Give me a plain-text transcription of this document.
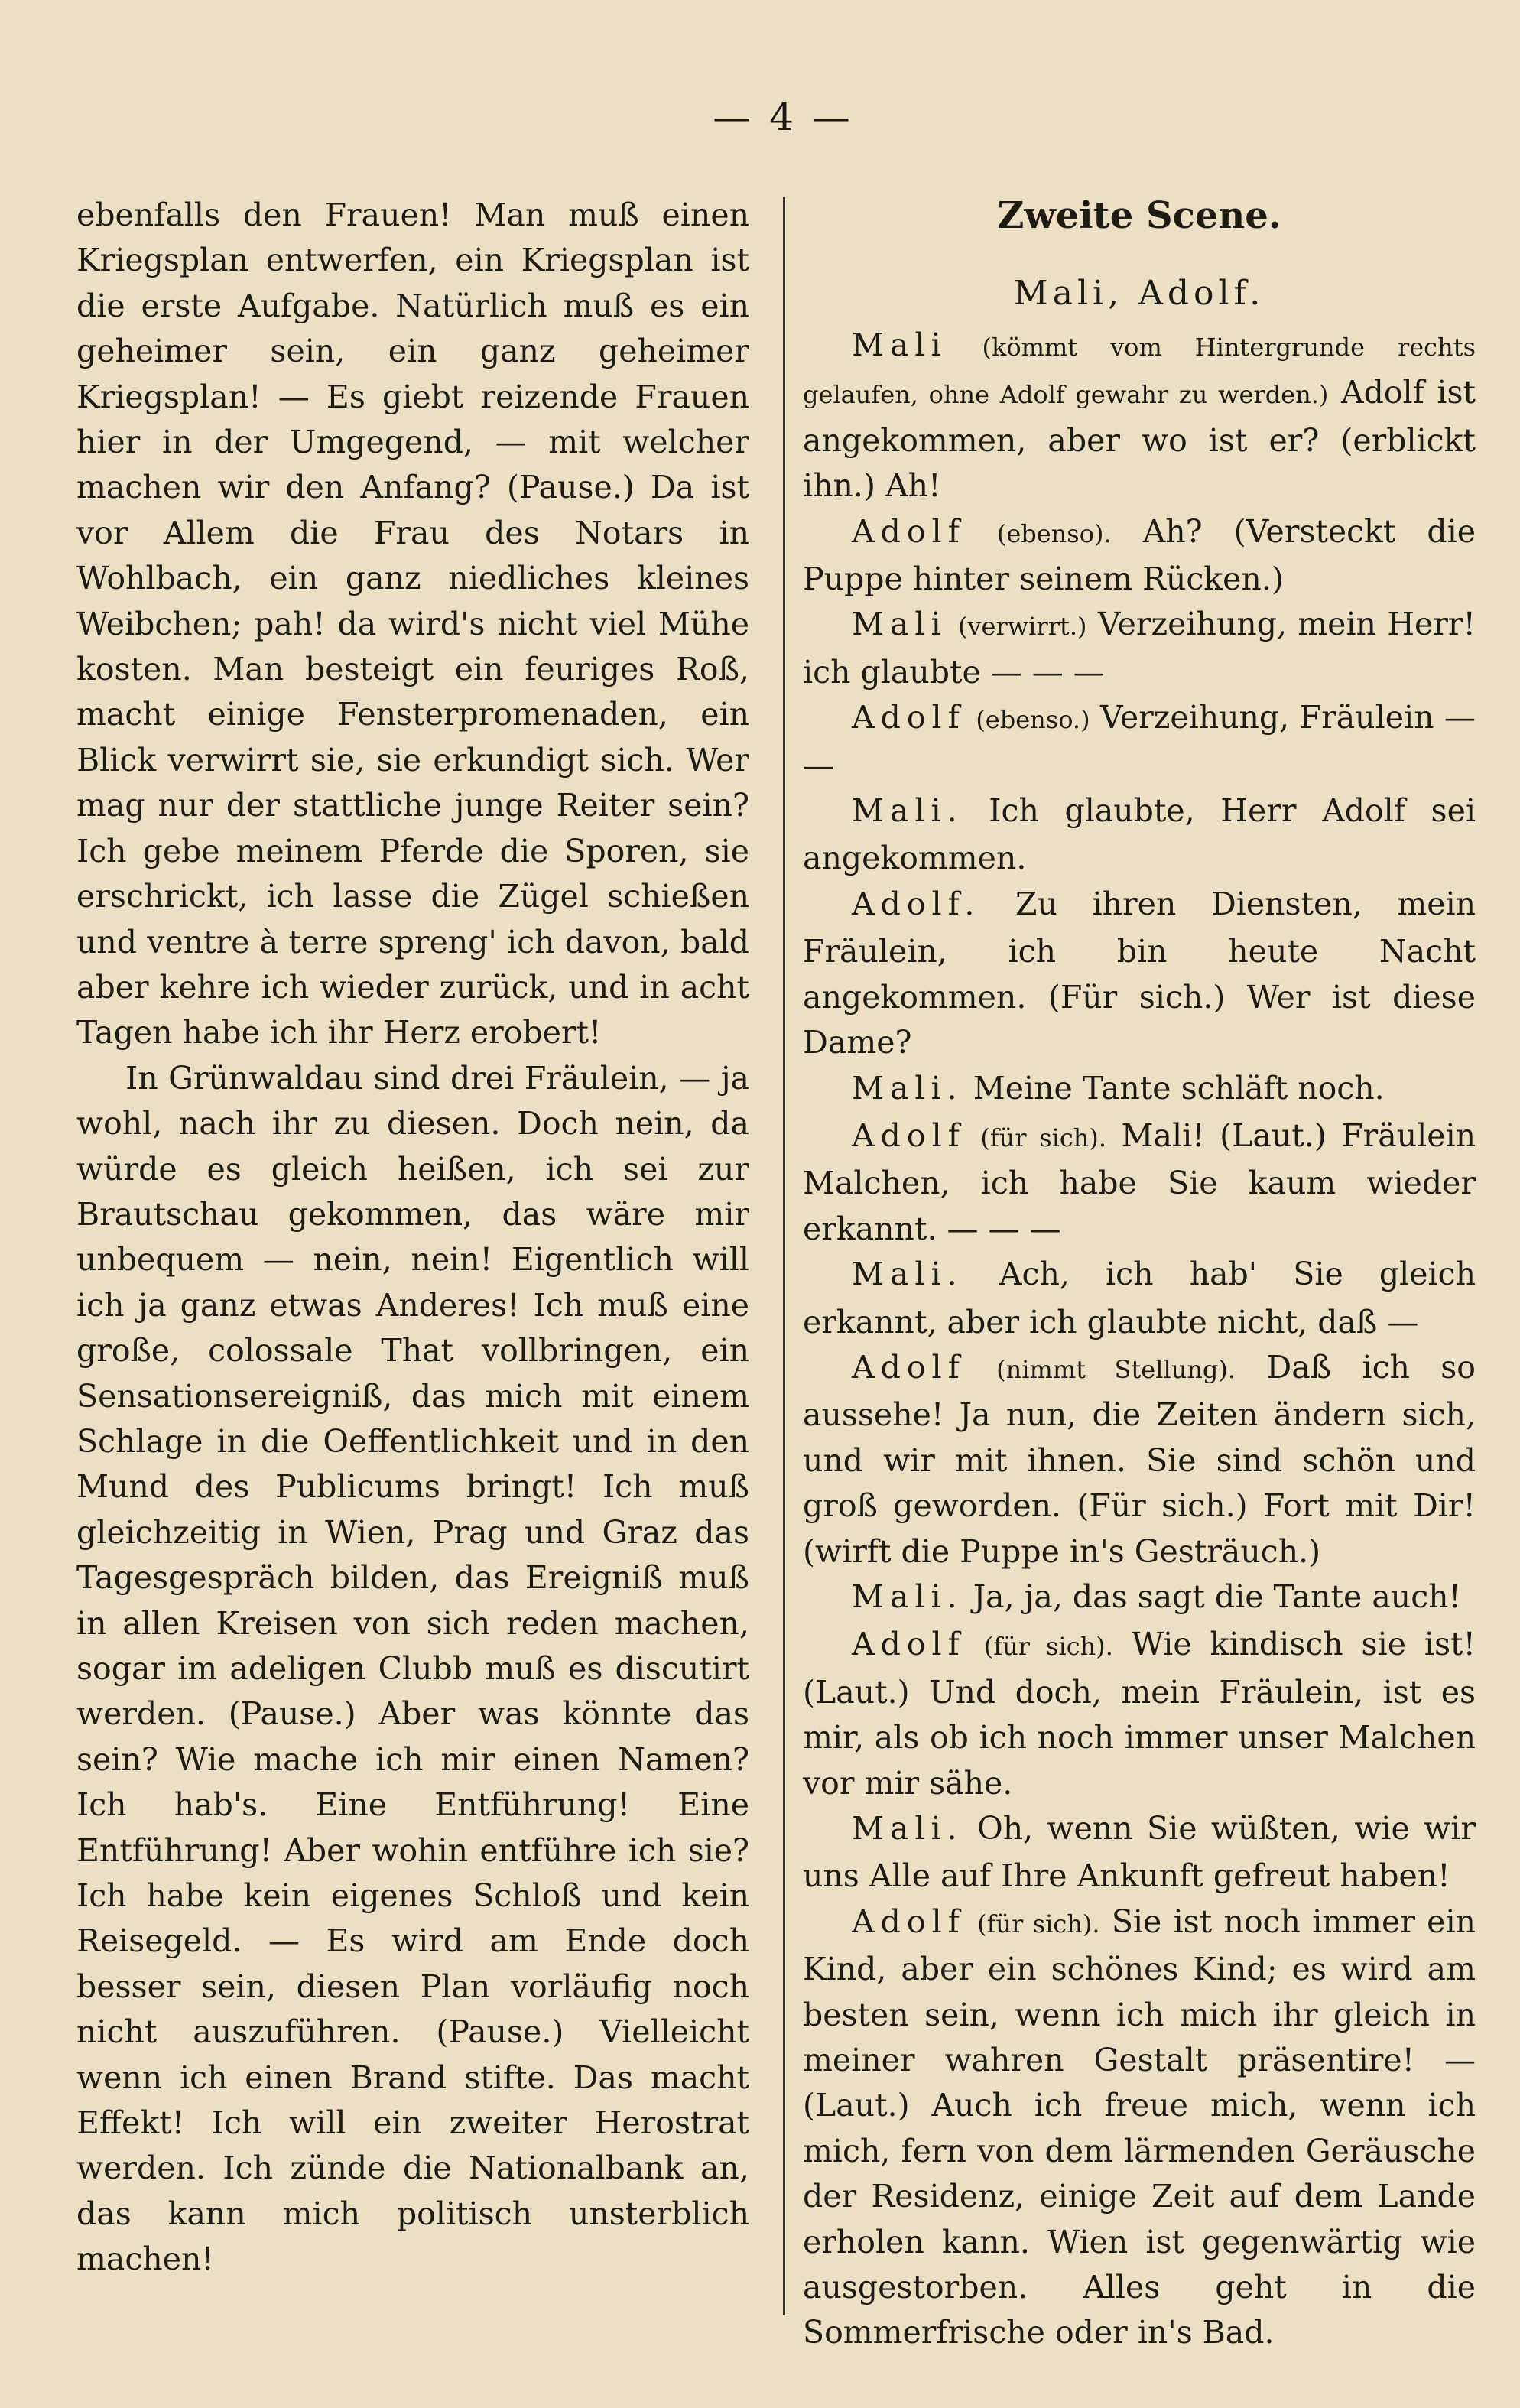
— 4 —

ebenfalls den Frauen! Man muß einen Kriegsplan entwerfen, ein Kriegsplan ist die erste Aufgabe. Natürlich muß es ein geheimer sein, ein ganz geheimer Kriegsplan! — Es giebt reizende Frauen hier in der Umgegend, — mit welcher machen wir den Anfang? (Pause.) Da ist vor Allem die Frau des Notars in Wohlbach, ein ganz niedliches kleines Weibchen; pah! da wird's nicht viel Mühe kosten. Man besteigt ein feuriges Roß, macht einige Fensterpromenaden, ein Blick verwirrt sie, sie erkundigt sich. Wer mag nur der stattliche junge Reiter sein? Ich gebe meinem Pferde die Sporen, sie erschrickt, ich lasse die Zügel schießen und ventre à terre spreng' ich davon, bald aber kehre ich wieder zurück, und in acht Tagen habe ich ihr Herz erobert!

In Grünwaldau sind drei Fräulein, — ja wohl, nach ihr zu diesen. Doch nein, da würde es gleich heißen, ich sei zur Brautschau gekommen, das wäre mir unbequem — nein, nein! Eigentlich will ich ja ganz etwas Anderes! Ich muß eine große, colossale That vollbringen, ein Sensationsereigniß, das mich mit einem Schlage in die Oeffentlichkeit und in den Mund des Publicums bringt! Ich muß gleichzeitig in Wien, Prag und Graz das Tagesgespräch bilden, das Ereigniß muß in allen Kreisen von sich reden machen, sogar im adeligen Clubb muß es discutirt werden. (Pause.) Aber was könnte das sein? Wie mache ich mir einen Namen? Ich hab's. Eine Entführung! Eine Entführung! Aber wohin entführe ich sie? Ich habe kein eigenes Schloß und kein Reisegeld. — Es wird am Ende doch besser sein, diesen Plan vorläufig noch nicht auszuführen. (Pause.) Vielleicht wenn ich einen Brand stifte. Das macht Effekt! Ich will ein zweiter Herostrat werden. Ich zünde die Nationalbank an, das kann mich politisch unsterblich machen!

Zweite Scene.
Mali, Adolf.

Mali (kömmt vom Hintergrunde rechts gelaufen, ohne Adolf gewahr zu werden.) Adolf ist angekommen, aber wo ist er? (erblickt ihn.) Ah!

Adolf (ebenso). Ah? (Versteckt die Puppe hinter seinem Rücken.)

Mali (verwirrt.) Verzeihung, mein Herr! ich glaubte — — —

Adolf (ebenso.) Verzeihung, Fräulein — —

Mali. Ich glaubte, Herr Adolf sei angekommen.

Adolf. Zu ihren Diensten, mein Fräulein, ich bin heute Nacht angekommen. (Für sich.) Wer ist diese Dame?

Mali. Meine Tante schläft noch.

Adolf (für sich). Mali! (Laut.) Fräulein Malchen, ich habe Sie kaum wieder erkannt. — — —

Mali. Ach, ich hab' Sie gleich erkannt, aber ich glaubte nicht, daß —

Adolf (nimmt Stellung). Daß ich so aussehe! Ja nun, die Zeiten ändern sich, und wir mit ihnen. Sie sind schön und groß geworden. (Für sich.) Fort mit Dir! (wirft die Puppe in's Gesträuch.)

Mali. Ja, ja, das sagt die Tante auch!

Adolf (für sich). Wie kindisch sie ist! (Laut.) Und doch, mein Fräulein, ist es mir, als ob ich noch immer unser Malchen vor mir sähe.

Mali. Oh, wenn Sie wüßten, wie wir uns Alle auf Ihre Ankunft gefreut haben!

Adolf (für sich). Sie ist noch immer ein Kind, aber ein schönes Kind; es wird am besten sein, wenn ich mich ihr gleich in meiner wahren Gestalt präsentire! — (Laut.) Auch ich freue mich, wenn ich mich, fern von dem lärmenden Geräusche der Residenz, einige Zeit auf dem Lande erholen kann. Wien ist gegenwärtig wie ausgestorben. Alles geht in die Sommerfrische oder in's Bad.
